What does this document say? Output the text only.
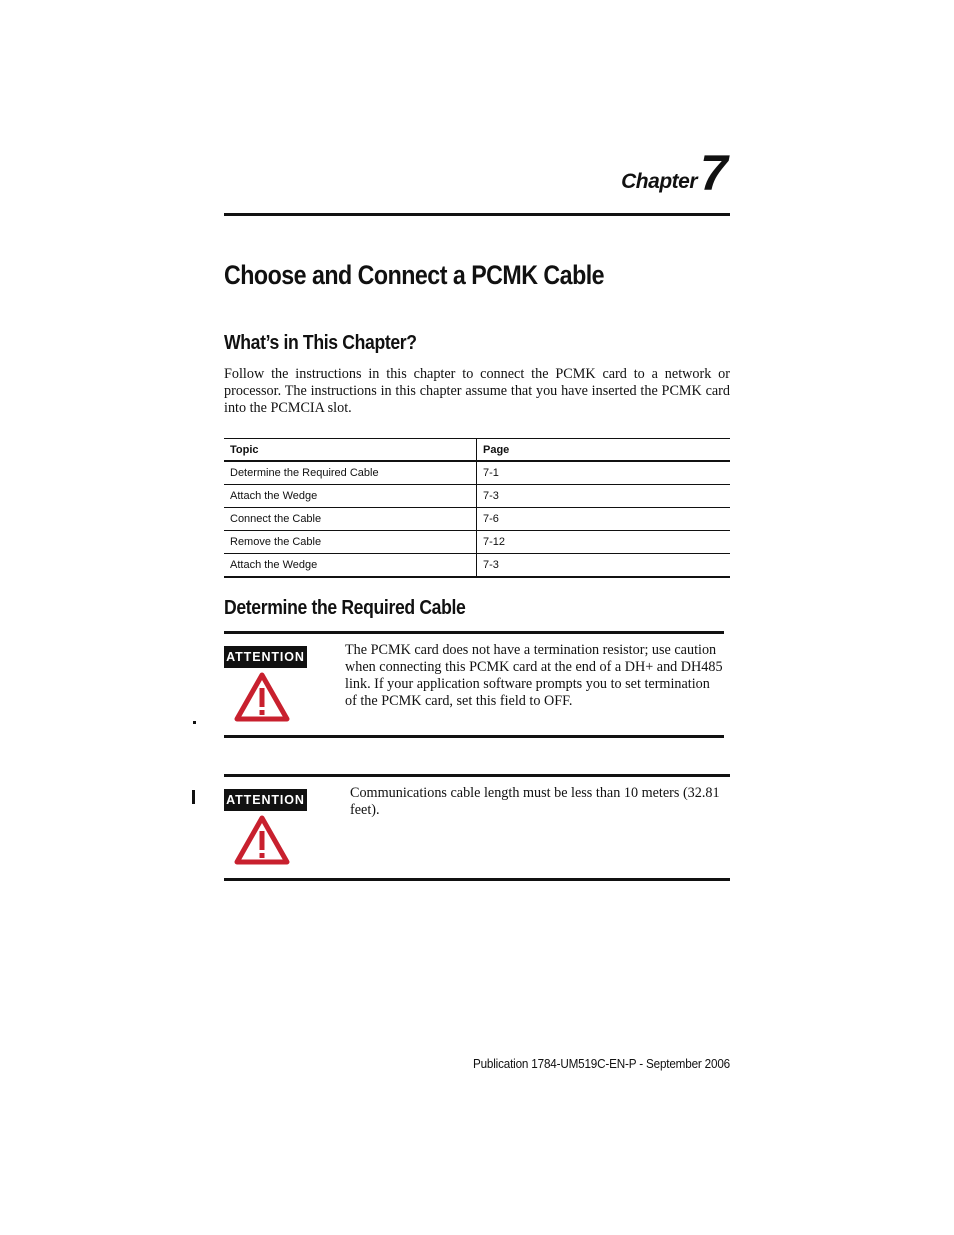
Chapter 7
Choose and Connect a PCMK Cable
What’s in This Chapter?
Follow the instructions in this chapter to connect the PCMK card to a network or processor. The instructions in this chapter assume that you have inserted the PCMK card into the PCMCIA slot.
Topic	Page
Determine the Required Cable	7-1
Attach the Wedge	7-3
Connect the Cable	7-6
Remove the Cable	7-12
Attach the Wedge	7-3
Determine the Required Cable
ATTENTION	The PCMK card does not have a termination resistor; use caution when connecting this PCMK card at the end of a DH+ and DH485 link. If your application software prompts you to set termination of the PCMK card, set this field to OFF.
ATTENTION	Communications cable length must be less than 10 meters (32.81 feet).
Publication 1784-UM519C-EN-P - September 2006
